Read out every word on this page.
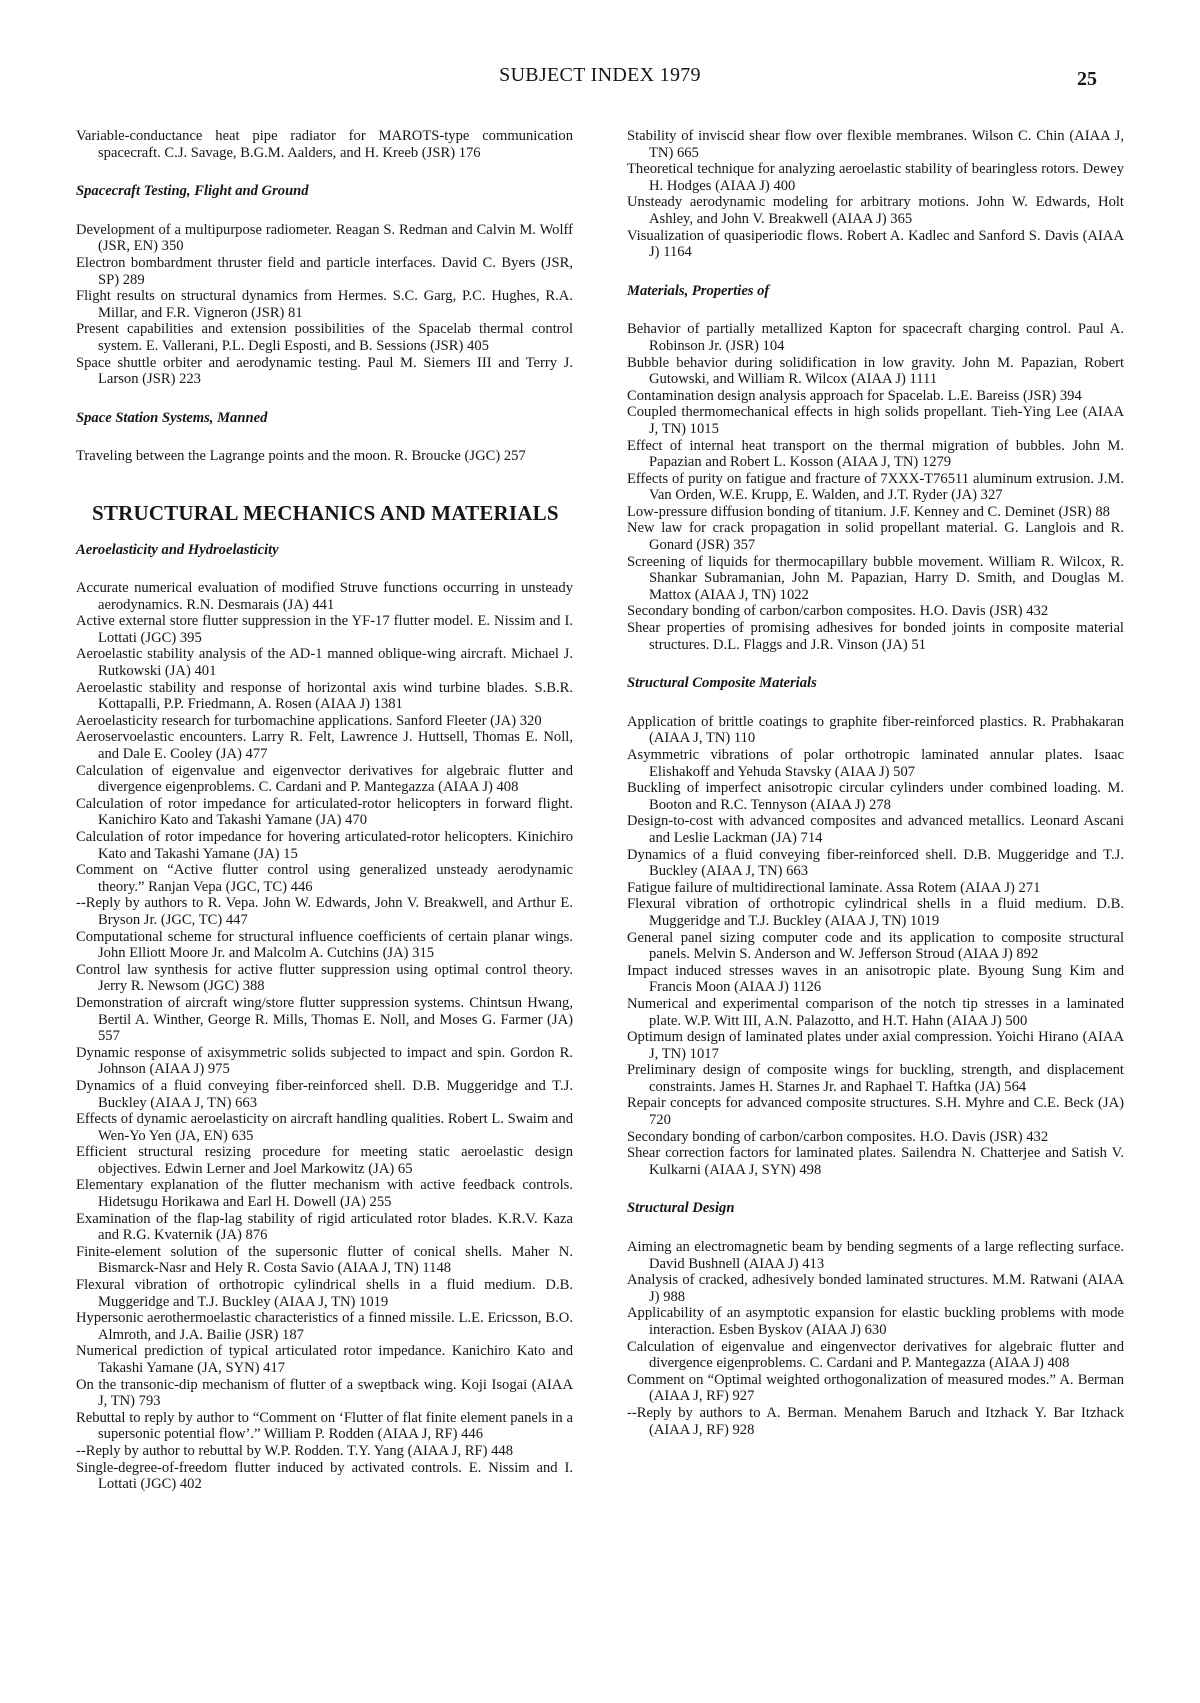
SUBJECT INDEX 1979	25

Variable-conductance heat pipe radiator for MAROTS-type communication spacecraft. C.J. Savage, B.G.M. Aalders, and H. Kreeb (JSR) 176

Spacecraft Testing, Flight and Ground

Development of a multipurpose radiometer. Reagan S. Redman and Calvin M. Wolff (JSR, EN) 350

Electron bombardment thruster field and particle interfaces. David C. Byers (JSR, SP) 289

Flight results on structural dynamics from Hermes. S.C. Garg, P.C. Hughes, R.A. Millar, and F.R. Vigneron (JSR) 81

Present capabilities and extension possibilities of the Spacelab thermal control system. E. Vallerani, P.L. Degli Esposti, and B. Sessions (JSR) 405

Space shuttle orbiter and aerodynamic testing. Paul M. Siemers III and Terry J. Larson (JSR) 223

Space Station Systems, Manned

Traveling between the Lagrange points and the moon. R. Broucke (JGC) 257

STRUCTURAL MECHANICS AND MATERIALS
Aeroelasticity and Hydroelasticity

Accurate numerical evaluation of modified Struve functions occurring in unsteady aerodynamics. R.N. Desmarais (JA) 441

Active external store flutter suppression in the YF-17 flutter model. E. Nissim and I. Lottati (JGC) 395

Aeroelastic stability analysis of the AD-1 manned oblique-wing aircraft. Michael J. Rutkowski (JA) 401

Aeroelastic stability and response of horizontal axis wind turbine blades. S.B.R. Kottapalli, P.P. Friedmann, A. Rosen (AIAA J) 1381

Aeroelasticity research for turbomachine applications. Sanford Fleeter (JA) 320

Aeroservoelastic encounters. Larry R. Felt, Lawrence J. Huttsell, Thomas E. Noll, and Dale E. Cooley (JA) 477

Calculation of eigenvalue and eigenvector derivatives for algebraic flutter and divergence eigenproblems. C. Cardani and P. Mantegazza (AIAA J) 408

Calculation of rotor impedance for articulated-rotor helicopters in forward flight. Kanichiro Kato and Takashi Yamane (JA) 470

Calculation of rotor impedance for hovering articulated-rotor helicopters. Kinichiro Kato and Takashi Yamane (JA) 15

Comment on “Active flutter control using generalized unsteady aerodynamic theory.” Ranjan Vepa (JGC, TC) 446

--Reply by authors to R. Vepa. John W. Edwards, John V. Breakwell, and Arthur E. Bryson Jr. (JGC, TC) 447

Computational scheme for structural influence coefficients of certain planar wings. John Elliott Moore Jr. and Malcolm A. Cutchins (JA) 315

Control law synthesis for active flutter suppression using optimal control theory. Jerry R. Newsom (JGC) 388

Demonstration of aircraft wing/store flutter suppression systems. Chintsun Hwang, Bertil A. Winther, George R. Mills, Thomas E. Noll, and Moses G. Farmer (JA) 557

Dynamic response of axisymmetric solids subjected to impact and spin. Gordon R. Johnson (AIAA J) 975

Dynamics of a fluid conveying fiber-reinforced shell. D.B. Muggeridge and T.J. Buckley (AIAA J, TN) 663

Effects of dynamic aeroelasticity on aircraft handling qualities. Robert L. Swaim and Wen-Yo Yen (JA, EN) 635

Efficient structural resizing procedure for meeting static aeroelastic design objectives. Edwin Lerner and Joel Markowitz (JA) 65

Elementary explanation of the flutter mechanism with active feedback controls. Hidetsugu Horikawa and Earl H. Dowell (JA) 255

Examination of the flap-lag stability of rigid articulated rotor blades. K.R.V. Kaza and R.G. Kvaternik (JA) 876

Finite-element solution of the supersonic flutter of conical shells. Maher N. Bismarck-Nasr and Hely R. Costa Savio (AIAA J, TN) 1148

Flexural vibration of orthotropic cylindrical shells in a fluid medium. D.B. Muggeridge and T.J. Buckley (AIAA J, TN) 1019

Hypersonic aerothermoelastic characteristics of a finned missile. L.E. Ericsson, B.O. Almroth, and J.A. Bailie (JSR) 187

Numerical prediction of typical articulated rotor impedance. Kanichiro Kato and Takashi Yamane (JA, SYN) 417

On the transonic-dip mechanism of flutter of a sweptback wing. Koji Isogai (AIAA J, TN) 793

Rebuttal to reply by author to “Comment on ‘Flutter of flat finite element panels in a supersonic potential flow’.” William P. Rodden (AIAA J, RF) 446

--Reply by author to rebuttal by W.P. Rodden. T.Y. Yang (AIAA J, RF) 448

Single-degree-of-freedom flutter induced by activated controls. E. Nissim and I. Lottati (JGC) 402

Stability of inviscid shear flow over flexible membranes. Wilson C. Chin (AIAA J, TN) 665

Theoretical technique for analyzing aeroelastic stability of bearingless rotors. Dewey H. Hodges (AIAA J) 400

Unsteady aerodynamic modeling for arbitrary motions. John W. Edwards, Holt Ashley, and John V. Breakwell (AIAA J) 365

Visualization of quasiperiodic flows. Robert A. Kadlec and Sanford S. Davis (AIAA J) 1164

Materials, Properties of

Behavior of partially metallized Kapton for spacecraft charging control. Paul A. Robinson Jr. (JSR) 104

Bubble behavior during solidification in low gravity. John M. Papazian, Robert Gutowski, and William R. Wilcox (AIAA J) 1111

Contamination design analysis approach for Spacelab. L.E. Bareiss (JSR) 394

Coupled thermomechanical effects in high solids propellant. Tieh-Ying Lee (AIAA J, TN) 1015

Effect of internal heat transport on the thermal migration of bubbles. John M. Papazian and Robert L. Kosson (AIAA J, TN) 1279

Effects of purity on fatigue and fracture of 7XXX-T76511 aluminum extrusion. J.M. Van Orden, W.E. Krupp, E. Walden, and J.T. Ryder (JA) 327

Low-pressure diffusion bonding of titanium. J.F. Kenney and C. Deminet (JSR) 88

New law for crack propagation in solid propellant material. G. Langlois and R. Gonard (JSR) 357

Screening of liquids for thermocapillary bubble movement. William R. Wilcox, R. Shankar Subramanian, John M. Papazian, Harry D. Smith, and Douglas M. Mattox (AIAA J, TN) 1022

Secondary bonding of carbon/carbon composites. H.O. Davis (JSR) 432

Shear properties of promising adhesives for bonded joints in composite material structures. D.L. Flaggs and J.R. Vinson (JA) 51

Structural Composite Materials

Application of brittle coatings to graphite fiber-reinforced plastics. R. Prabhakaran (AIAA J, TN) 110

Asymmetric vibrations of polar orthotropic laminated annular plates. Isaac Elishakoff and Yehuda Stavsky (AIAA J) 507

Buckling of imperfect anisotropic circular cylinders under combined loading. M. Booton and R.C. Tennyson (AIAA J) 278

Design-to-cost with advanced composites and advanced metallics. Leonard Ascani and Leslie Lackman (JA) 714

Dynamics of a fluid conveying fiber-reinforced shell. D.B. Muggeridge and T.J. Buckley (AIAA J, TN) 663

Fatigue failure of multidirectional laminate. Assa Rotem (AIAA J) 271

Flexural vibration of orthotropic cylindrical shells in a fluid medium. D.B. Muggeridge and T.J. Buckley (AIAA J, TN) 1019

General panel sizing computer code and its application to composite structural panels. Melvin S. Anderson and W. Jefferson Stroud (AIAA J) 892

Impact induced stresses waves in an anisotropic plate. Byoung Sung Kim and Francis Moon (AIAA J) 1126

Numerical and experimental comparison of the notch tip stresses in a laminated plate. W.P. Witt III, A.N. Palazotto, and H.T. Hahn (AIAA J) 500

Optimum design of laminated plates under axial compression. Yoichi Hirano (AIAA J, TN) 1017

Preliminary design of composite wings for buckling, strength, and displacement constraints. James H. Starnes Jr. and Raphael T. Haftka (JA) 564

Repair concepts for advanced composite structures. S.H. Myhre and C.E. Beck (JA) 720

Secondary bonding of carbon/carbon composites. H.O. Davis (JSR) 432

Shear correction factors for laminated plates. Sailendra N. Chatterjee and Satish V. Kulkarni (AIAA J, SYN) 498

Structural Design

Aiming an electromagnetic beam by bending segments of a large reflecting surface. David Bushnell (AIAA J) 413

Analysis of cracked, adhesively bonded laminated structures. M.M. Ratwani (AIAA J) 988

Applicability of an asymptotic expansion for elastic buckling problems with mode interaction. Esben Byskov (AIAA J) 630

Calculation of eigenvalue and eingenvector derivatives for algebraic flutter and divergence eigenproblems. C. Cardani and P. Mantegazza (AIAA J) 408

Comment on “Optimal weighted orthogonalization of measured modes.” A. Berman (AIAA J, RF) 927

--Reply by authors to A. Berman. Menahem Baruch and Itzhack Y. Bar Itzhack (AIAA J, RF) 928
